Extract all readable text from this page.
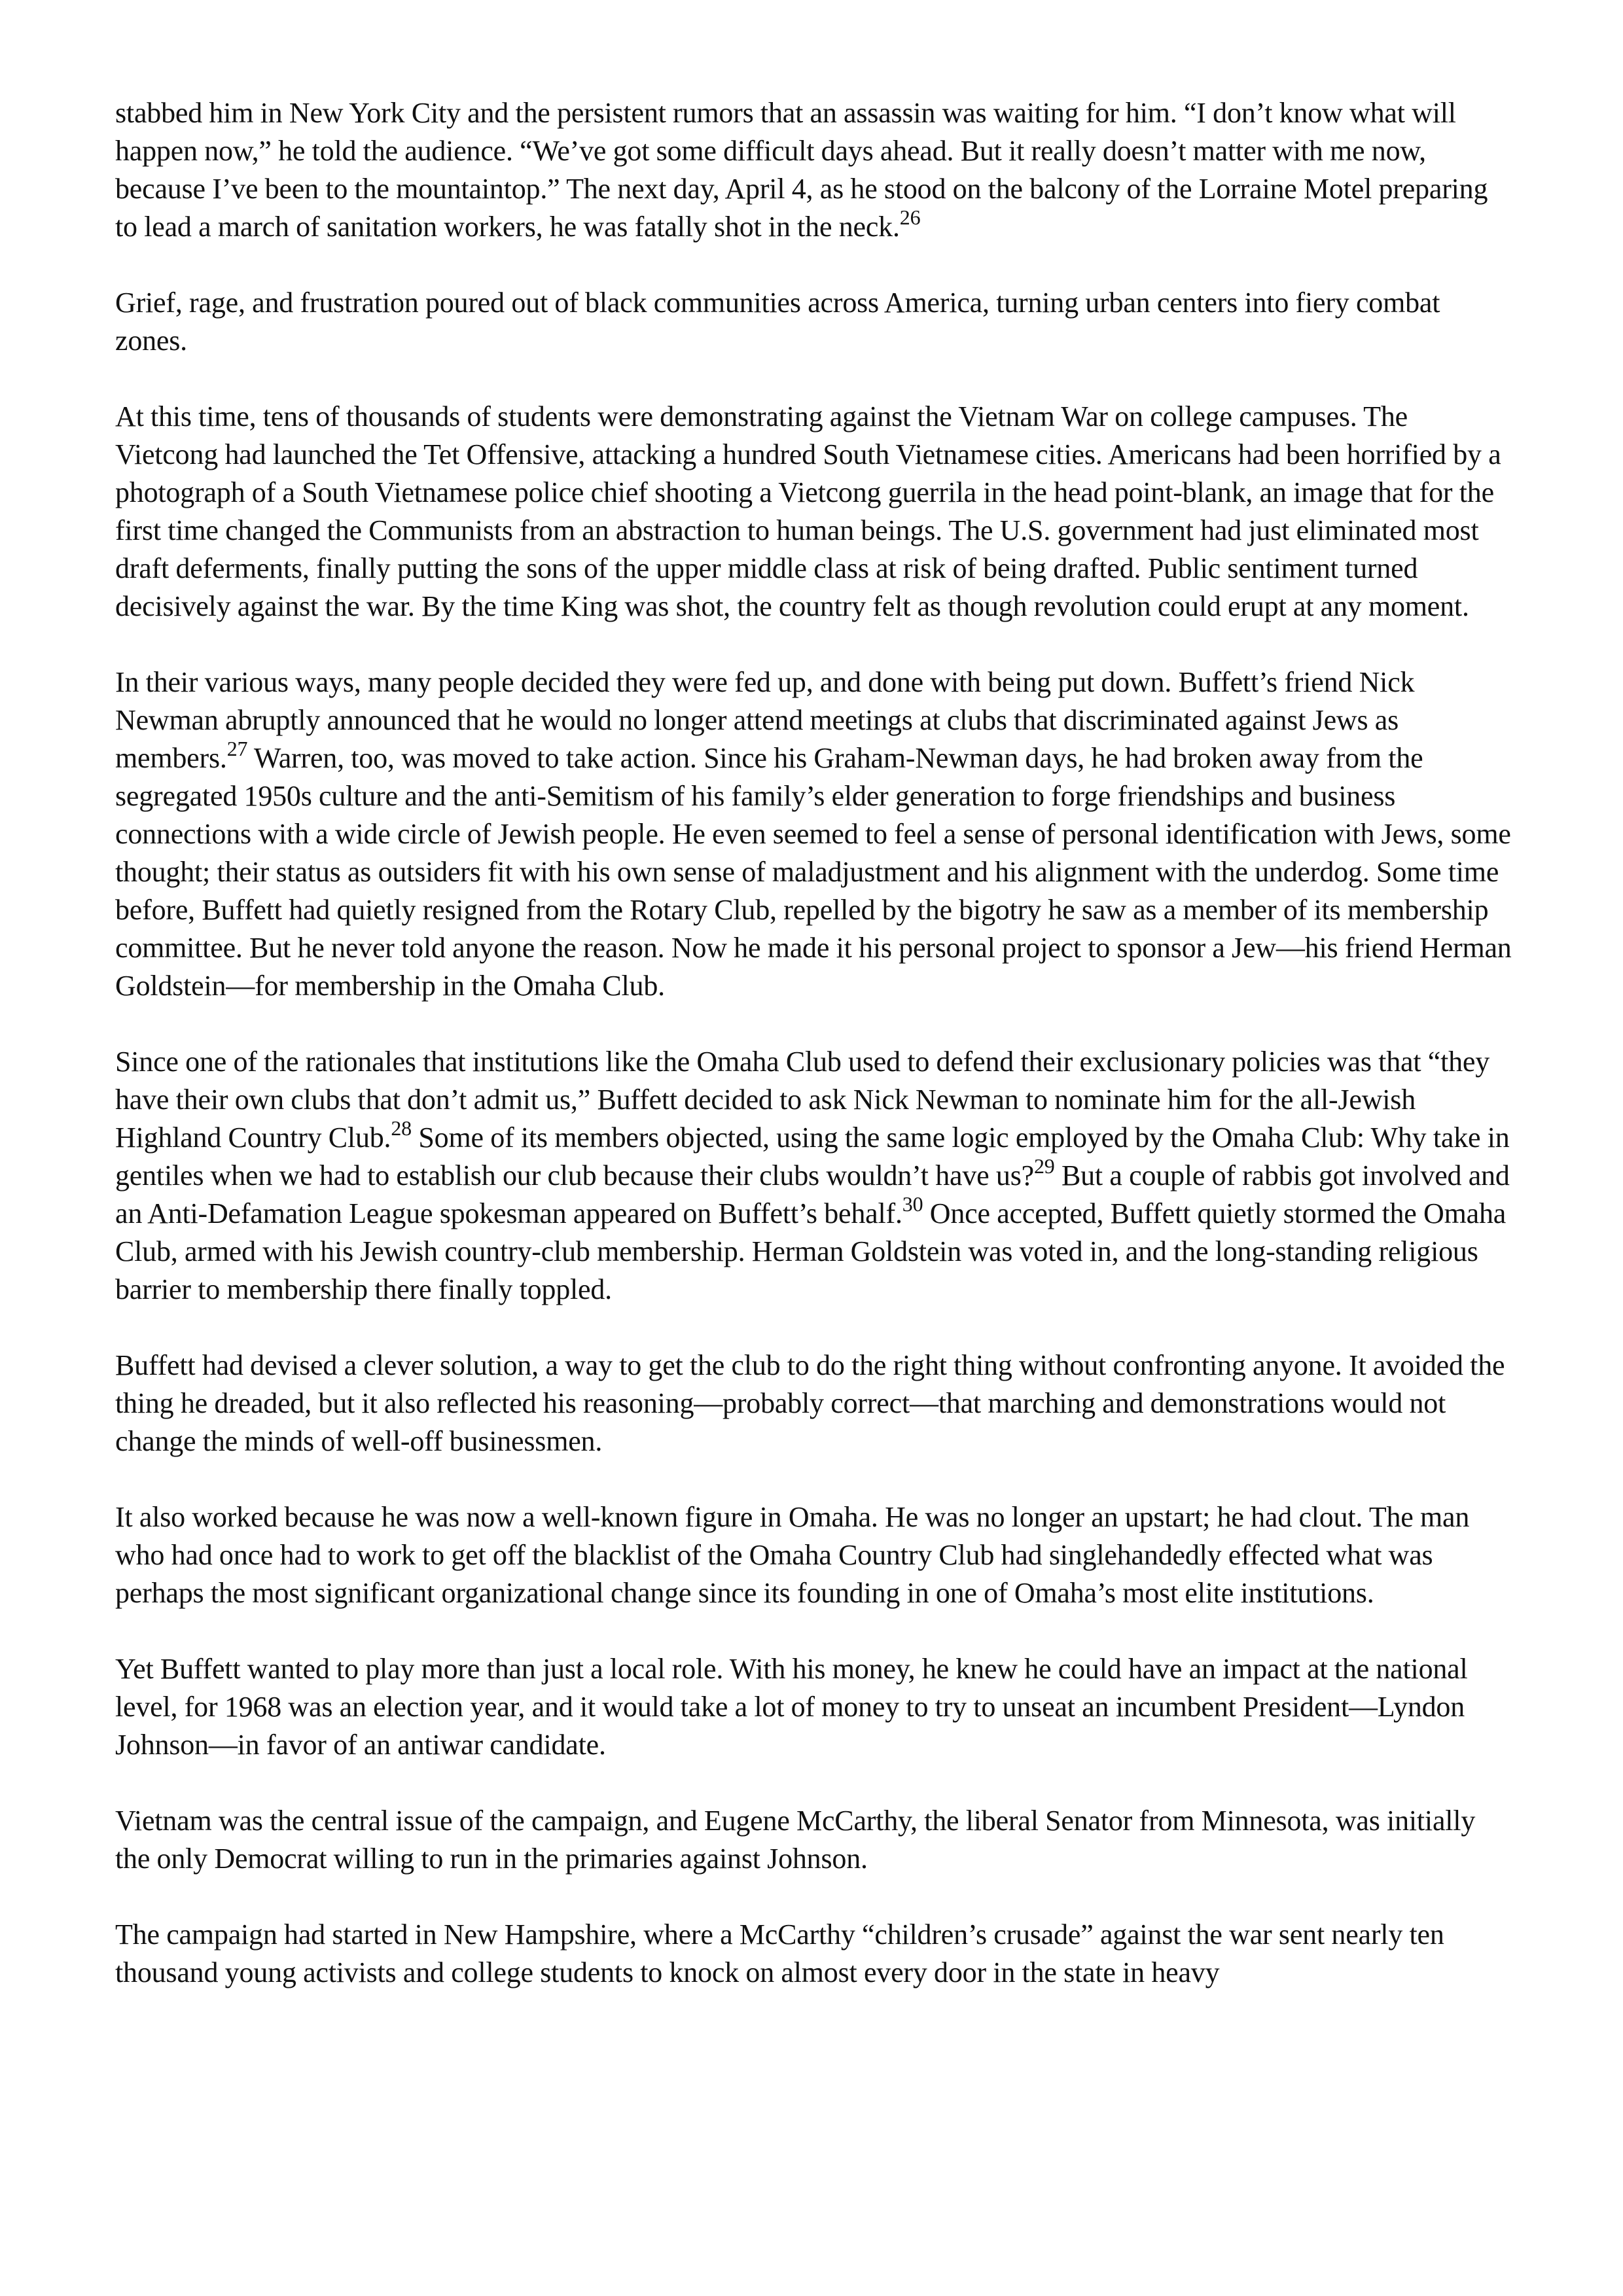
stabbed him in New York City and the persistent rumors that an assassin was waiting for him. “I don’t know what will happen now,” he told the audience. “We’ve got some difficult days ahead. But it really doesn’t matter with me now, because I’ve been to the mountaintop.” The next day, April 4, as he stood on the balcony of the Lorraine Motel preparing to lead a march of sanitation workers, he was fatally shot in the neck.$^{26}$

Grief, rage, and frustration poured out of black communities across America, turning urban centers into fiery combat zones.

At this time, tens of thousands of students were demonstrating against the Vietnam War on college campuses. The Vietcong had launched the Tet Offensive, attacking a hundred South Vietnamese cities. Americans had been horrified by a photograph of a South Vietnamese police chief shooting a Vietcong guerrila in the head point-blank, an image that for the first time changed the Communists from an abstraction to human beings. The U.S. government had just eliminated most draft deferments, finally putting the sons of the upper middle class at risk of being drafted. Public sentiment turned decisively against the war. By the time King was shot, the country felt as though revolution could erupt at any moment.

In their various ways, many people decided they were fed up, and done with being put down. Buffett’s friend Nick Newman abruptly announced that he would no longer attend meetings at clubs that discriminated against Jews as members.$^{27}$ Warren, too, was moved to take action. Since his Graham-Newman days, he had broken away from the segregated 1950s culture and the anti-Semitism of his family’s elder generation to forge friendships and business connections with a wide circle of Jewish people. He even seemed to feel a sense of personal identification with Jews, some thought; their status as outsiders fit with his own sense of maladjustment and his alignment with the underdog. Some time before, Buffett had quietly resigned from the Rotary Club, repelled by the bigotry he saw as a member of its membership committee. But he never told anyone the reason. Now he made it his personal project to sponsor a Jew—his friend Herman Goldstein—for membership in the Omaha Club.

Since one of the rationales that institutions like the Omaha Club used to defend their exclusionary policies was that “they have their own clubs that don’t admit us,” Buffett decided to ask Nick Newman to nominate him for the all-Jewish Highland Country Club.$^{28}$ Some of its members objected, using the same logic employed by the Omaha Club: Why take in gentiles when we had to establish our club because their clubs wouldn’t have us?$^{29}$ But a couple of rabbis got involved and an Anti-Defamation League spokesman appeared on Buffett’s behalf.$^{30}$ Once accepted, Buffett quietly stormed the Omaha Club, armed with his Jewish country-club membership. Herman Goldstein was voted in, and the long-standing religious barrier to membership there finally toppled.

Buffett had devised a clever solution, a way to get the club to do the right thing without confronting anyone. It avoided the thing he dreaded, but it also reflected his reasoning—probably correct—that marching and demonstrations would not change the minds of well-off businessmen.

It also worked because he was now a well-known figure in Omaha. He was no longer an upstart; he had clout. The man who had once had to work to get off the blacklist of the Omaha Country Club had singlehandedly effected what was perhaps the most significant organizational change since its founding in one of Omaha’s most elite institutions.

Yet Buffett wanted to play more than just a local role. With his money, he knew he could have an impact at the national level, for 1968 was an election year, and it would take a lot of money to try to unseat an incumbent President—Lyndon Johnson—in favor of an antiwar candidate.

Vietnam was the central issue of the campaign, and Eugene McCarthy, the liberal Senator from Minnesota, was initially the only Democrat willing to run in the primaries against Johnson.

The campaign had started in New Hampshire, where a McCarthy “children’s crusade” against the war sent nearly ten thousand young activists and college students to knock on almost every door in the state in heavy
